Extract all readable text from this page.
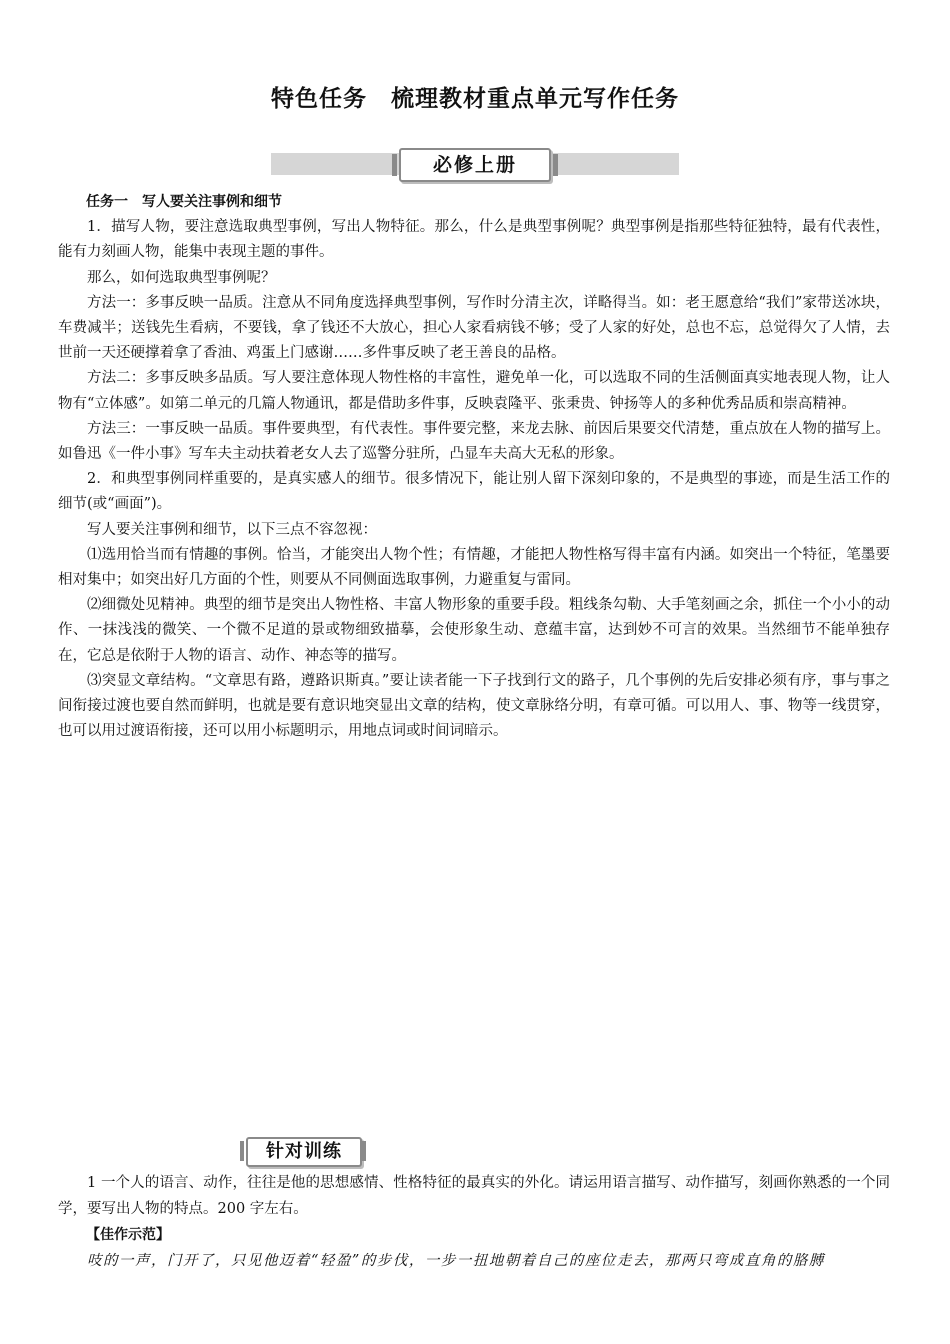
特色任务　梳理教材重点单元写作任务
必修上册

任务一　写人要关注事例和细节

1．描写人物，要注意选取典型事例，写出人物特征。那么，什么是典型事例呢？典型事例是指那些特征独特，最有代表性，能有力刻画人物，能集中表现主题的事件。

那么，如何选取典型事例呢？

方法一：多事反映一品质。注意从不同角度选择典型事例，写作时分清主次，详略得当。如：老王愿意给“我们”家带送冰块，车费减半；送钱先生看病，不要钱，拿了钱还不大放心，担心人家看病钱不够；受了人家的好处，总也不忘，总觉得欠了人情，去世前一天还硬撑着拿了香油、鸡蛋上门感谢……多件事反映了老王善良的品格。

方法二：多事反映多品质。写人要注意体现人物性格的丰富性，避免单一化，可以选取不同的生活侧面真实地表现人物，让人物有“立体感”。如第二单元的几篇人物通讯，都是借助多件事，反映袁隆平、张秉贵、钟扬等人的多种优秀品质和崇高精神。

方法三：一事反映一品质。事件要典型，有代表性。事件要完整，来龙去脉、前因后果要交代清楚，重点放在人物的描写上。如鲁迅《一件小事》写车夫主动扶着老女人去了巡警分驻所，凸显车夫高大无私的形象。

2．和典型事例同样重要的，是真实感人的细节。很多情况下，能让别人留下深刻印象的，不是典型的事迹，而是生活工作的细节(或“画面”)。

写人要关注事例和细节，以下三点不容忽视：

⑴选用恰当而有情趣的事例。恰当，才能突出人物个性；有情趣，才能把人物性格写得丰富有内涵。如突出一个特征，笔墨要相对集中；如突出好几方面的个性，则要从不同侧面选取事例，力避重复与雷同。

⑵细微处见精神。典型的细节是突出人物性格、丰富人物形象的重要手段。粗线条勾勒、大手笔刻画之余，抓住一个小小的动作、一抹浅浅的微笑、一个微不足道的景或物细致描摹，会使形象生动、意蕴丰富，达到妙不可言的效果。当然细节不能单独存在，它总是依附于人物的语言、动作、神态等的描写。

⑶突显文章结构。“文章思有路，遵路识斯真。”要让读者能一下子找到行文的路子，几个事例的先后安排必须有序，事与事之间衔接过渡也要自然而鲜明，也就是要有意识地突显出文章的结构，使文章脉络分明，有章可循。可以用人、事、物等一线贯穿，也可以用过渡语衔接，还可以用小标题明示，用地点词或时间词暗示。

针对训练

1 一个人的语言、动作，往往是他的思想感情、性格特征的最真实的外化。请运用语言描写、动作描写，刻画你熟悉的一个同学，要写出人物的特点。200 字左右。

【佳作示范】

吱的一声，门开了，只见他迈着“轻盈”的步伐，一步一扭地朝着自己的座位走去，那两只弯成直角的胳膊
